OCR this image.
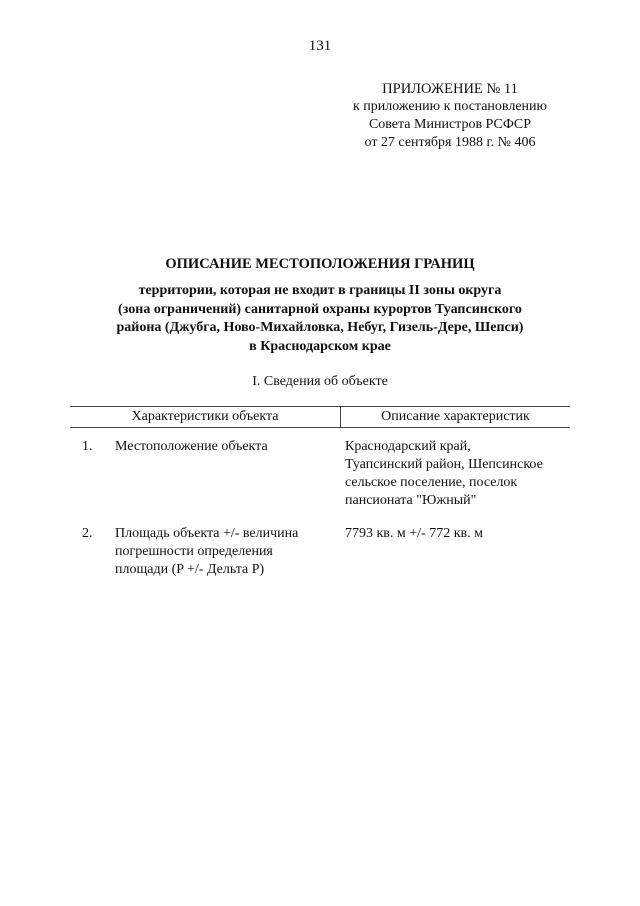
131
ПРИЛОЖЕНИЕ № 11
к приложению к постановлению
Совета Министров РСФСР
от 27 сентября 1988 г. № 406
ОПИСАНИЕ МЕСТОПОЛОЖЕНИЯ ГРАНИЦ
территории, которая не входит в границы II зоны округа
(зона ограничений) санитарной охраны курортов Туапсинского
района (Джубга, Ново-Михайловка, Небуг, Гизель-Дере, Шепси)
в Краснодарском крае
I. Сведения об объекте
Характеристики объекта	Описание характеристик
1. Местоположение объекта	Краснодарский край,
Туапсинский район, Шепсинское
сельское поселение, поселок
пансионата "Южный"
2. Площадь объекта +/- величина
погрешности определения
площади (P +/- Дельта P)
7793 кв. м +/- 772 кв. м
